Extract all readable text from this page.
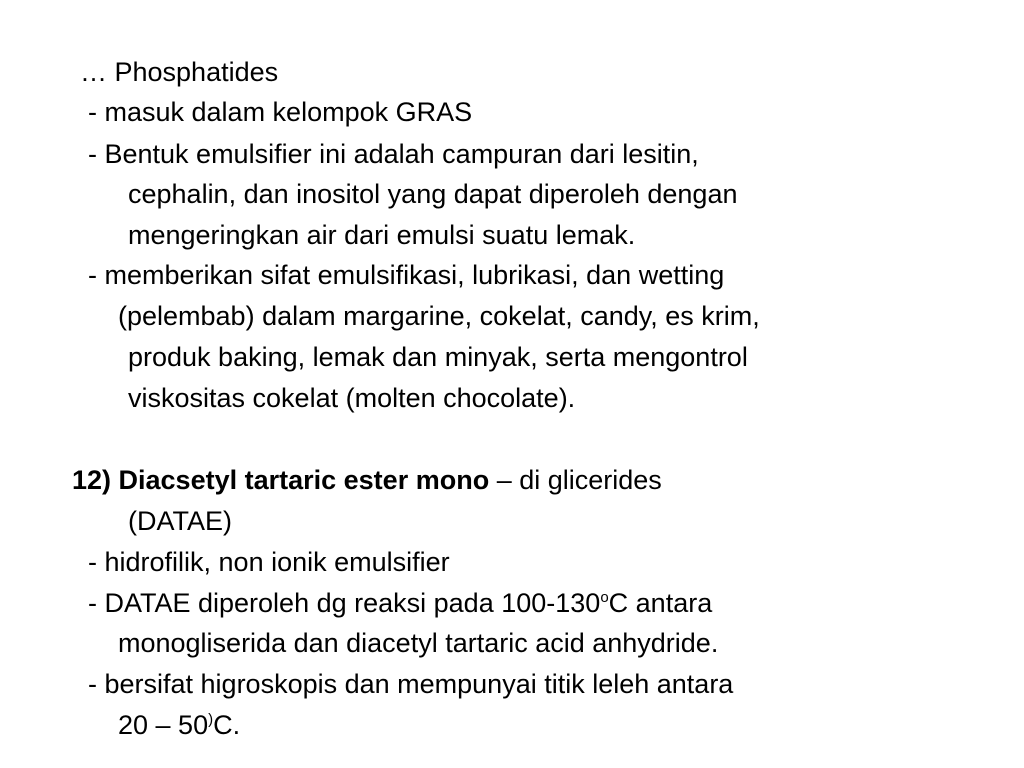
… Phosphatides
- masuk dalam kelompok GRAS
- Bentuk emulsifier ini adalah campuran dari lesitin,
cephalin, dan inositol yang dapat diperoleh dengan
mengeringkan air dari emulsi suatu lemak.
- memberikan sifat emulsifikasi, lubrikasi, dan wetting
(pelembab) dalam margarine, cokelat, candy, es krim,
produk baking, lemak dan minyak, serta mengontrol
viskositas cokelat (molten chocolate).
12) Diacsetyl tartaric ester mono – di glicerides
(DATAE)
- hidrofilik, non ionik emulsifier
- DATAE diperoleh dg reaksi pada 100-130$^o$C antara
monogliserida dan diacetyl tartaric acid anhydride.
- bersifat higroskopis dan mempunyai titik leleh antara
20 – 50)C.
